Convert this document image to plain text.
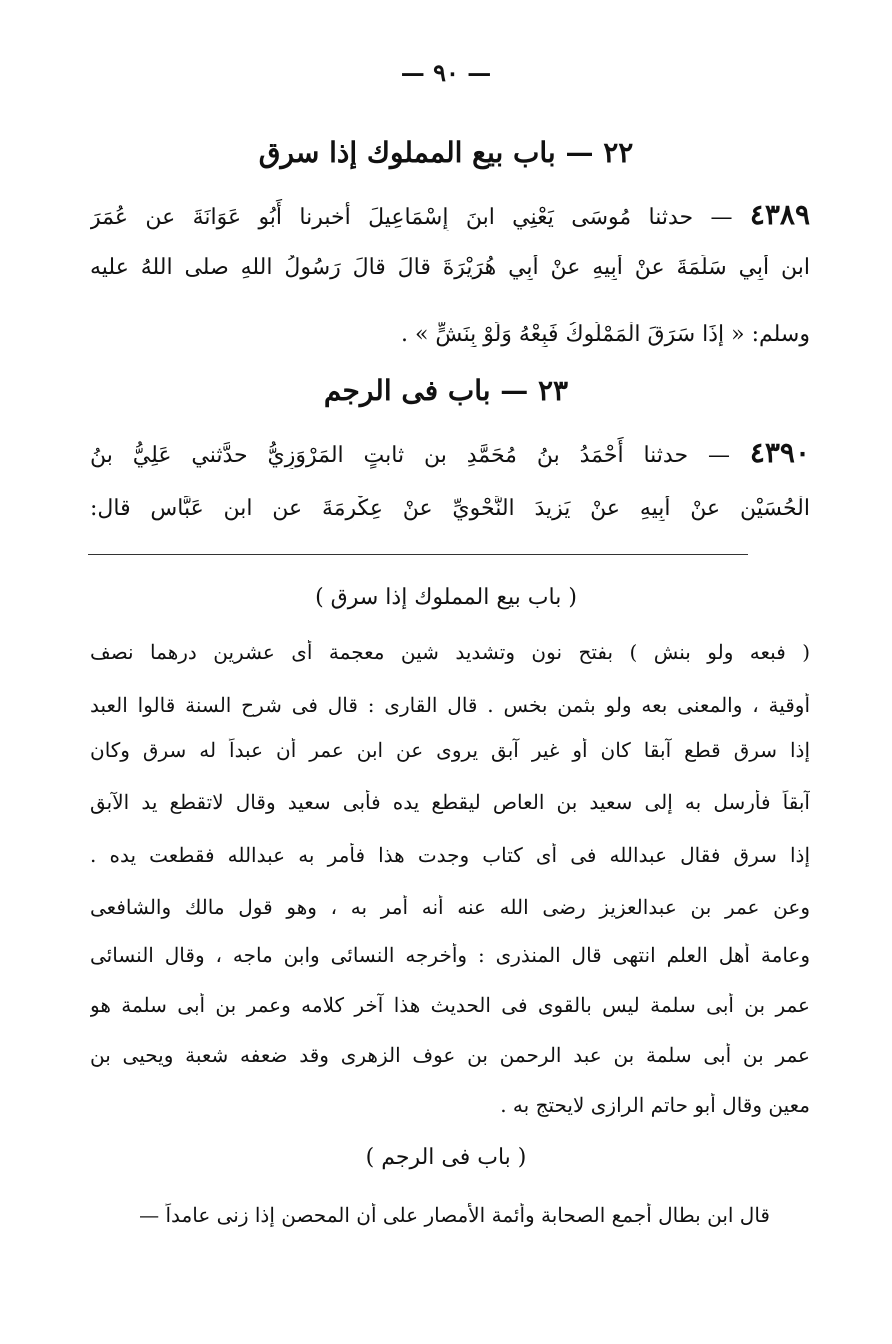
— ٩٠ —
٢٢ — باب بيع المملوك إذا سرق
٤٣٨٩ — حدثنا مُوسَى يَعْنِي ابنَ إِسْمَاعِيلَ أخبرنا أَبُو عَوَانَةَ عن عُمَرَ
ابنِ أَبِي سَلَمَةَ عنْ أَبِيهِ عنْ أَبِي هُرَيْرَةَ قالَ قالَ رَسُولُ اللهِ صلى اللهُ عليه
وسلم: « إِذَا سَرَقَ الْمَمْلُوكُ فَبِعْهُ وَلَوْ بِنَشٍّ » .
٢٣ — باب فى الرجم
٤٣٩٠ — حدثنا أَحْمَدُ بنُ مُحَمَّدِ بن ثابتٍ المَرْوَزِيُّ حدَّثني عَلِيُّ بنُ
الْحُسَيْنِ عنْ أَبِيهِ عنْ يَزِيدَ النَّحْوِيِّ عنْ عِكْرِمَةَ عن ابن عَبَّاسٍ قال:
( باب بيع المملوك إذا سرق )
( فبعه ولو بنش ) بفتح نون وتشديد شين معجمة أى عشرين درهما نصف
أوقية ، والمعنى بعه ولو بثمن بخس . قال القارى : قال فى شرح السنة قالوا العبد
إذا سرق قطع آبقا كان أو غير آبق يروى عن ابن عمر أن عبداً له سرق وكان
آبقاً فأرسل به إلى سعيد بن العاص ليقطع يده فأبى سعيد وقال لاتقطع يد الآبق
إذا سرق فقال عبدالله فى أى كتاب وجدت هذا فأمر به عبدالله فقطعت يده .
وعن عمر بن عبدالعزيز رضى الله عنه أنه أمر به ، وهو قول مالك والشافعى
وعامة أهل العلم انتهى قال المنذرى : وأخرجه النسائى وابن ماجه ، وقال النسائى
عمر بن أبى سلمة ليس بالقوى فى الحديث هذا آخر كلامه وعمر بن أبى سلمة هو
عمر بن أبى سلمة بن عبد الرحمن بن عوف الزهرى وقد ضعفه شعبة ويحيى بن
معين وقال أبو حاتم الرازى لايحتج به .
( باب فى الرجم )
قال ابن بطال أجمع الصحابة وأئمة الأمصار على أن المحصن إذا زنى عامداً —
